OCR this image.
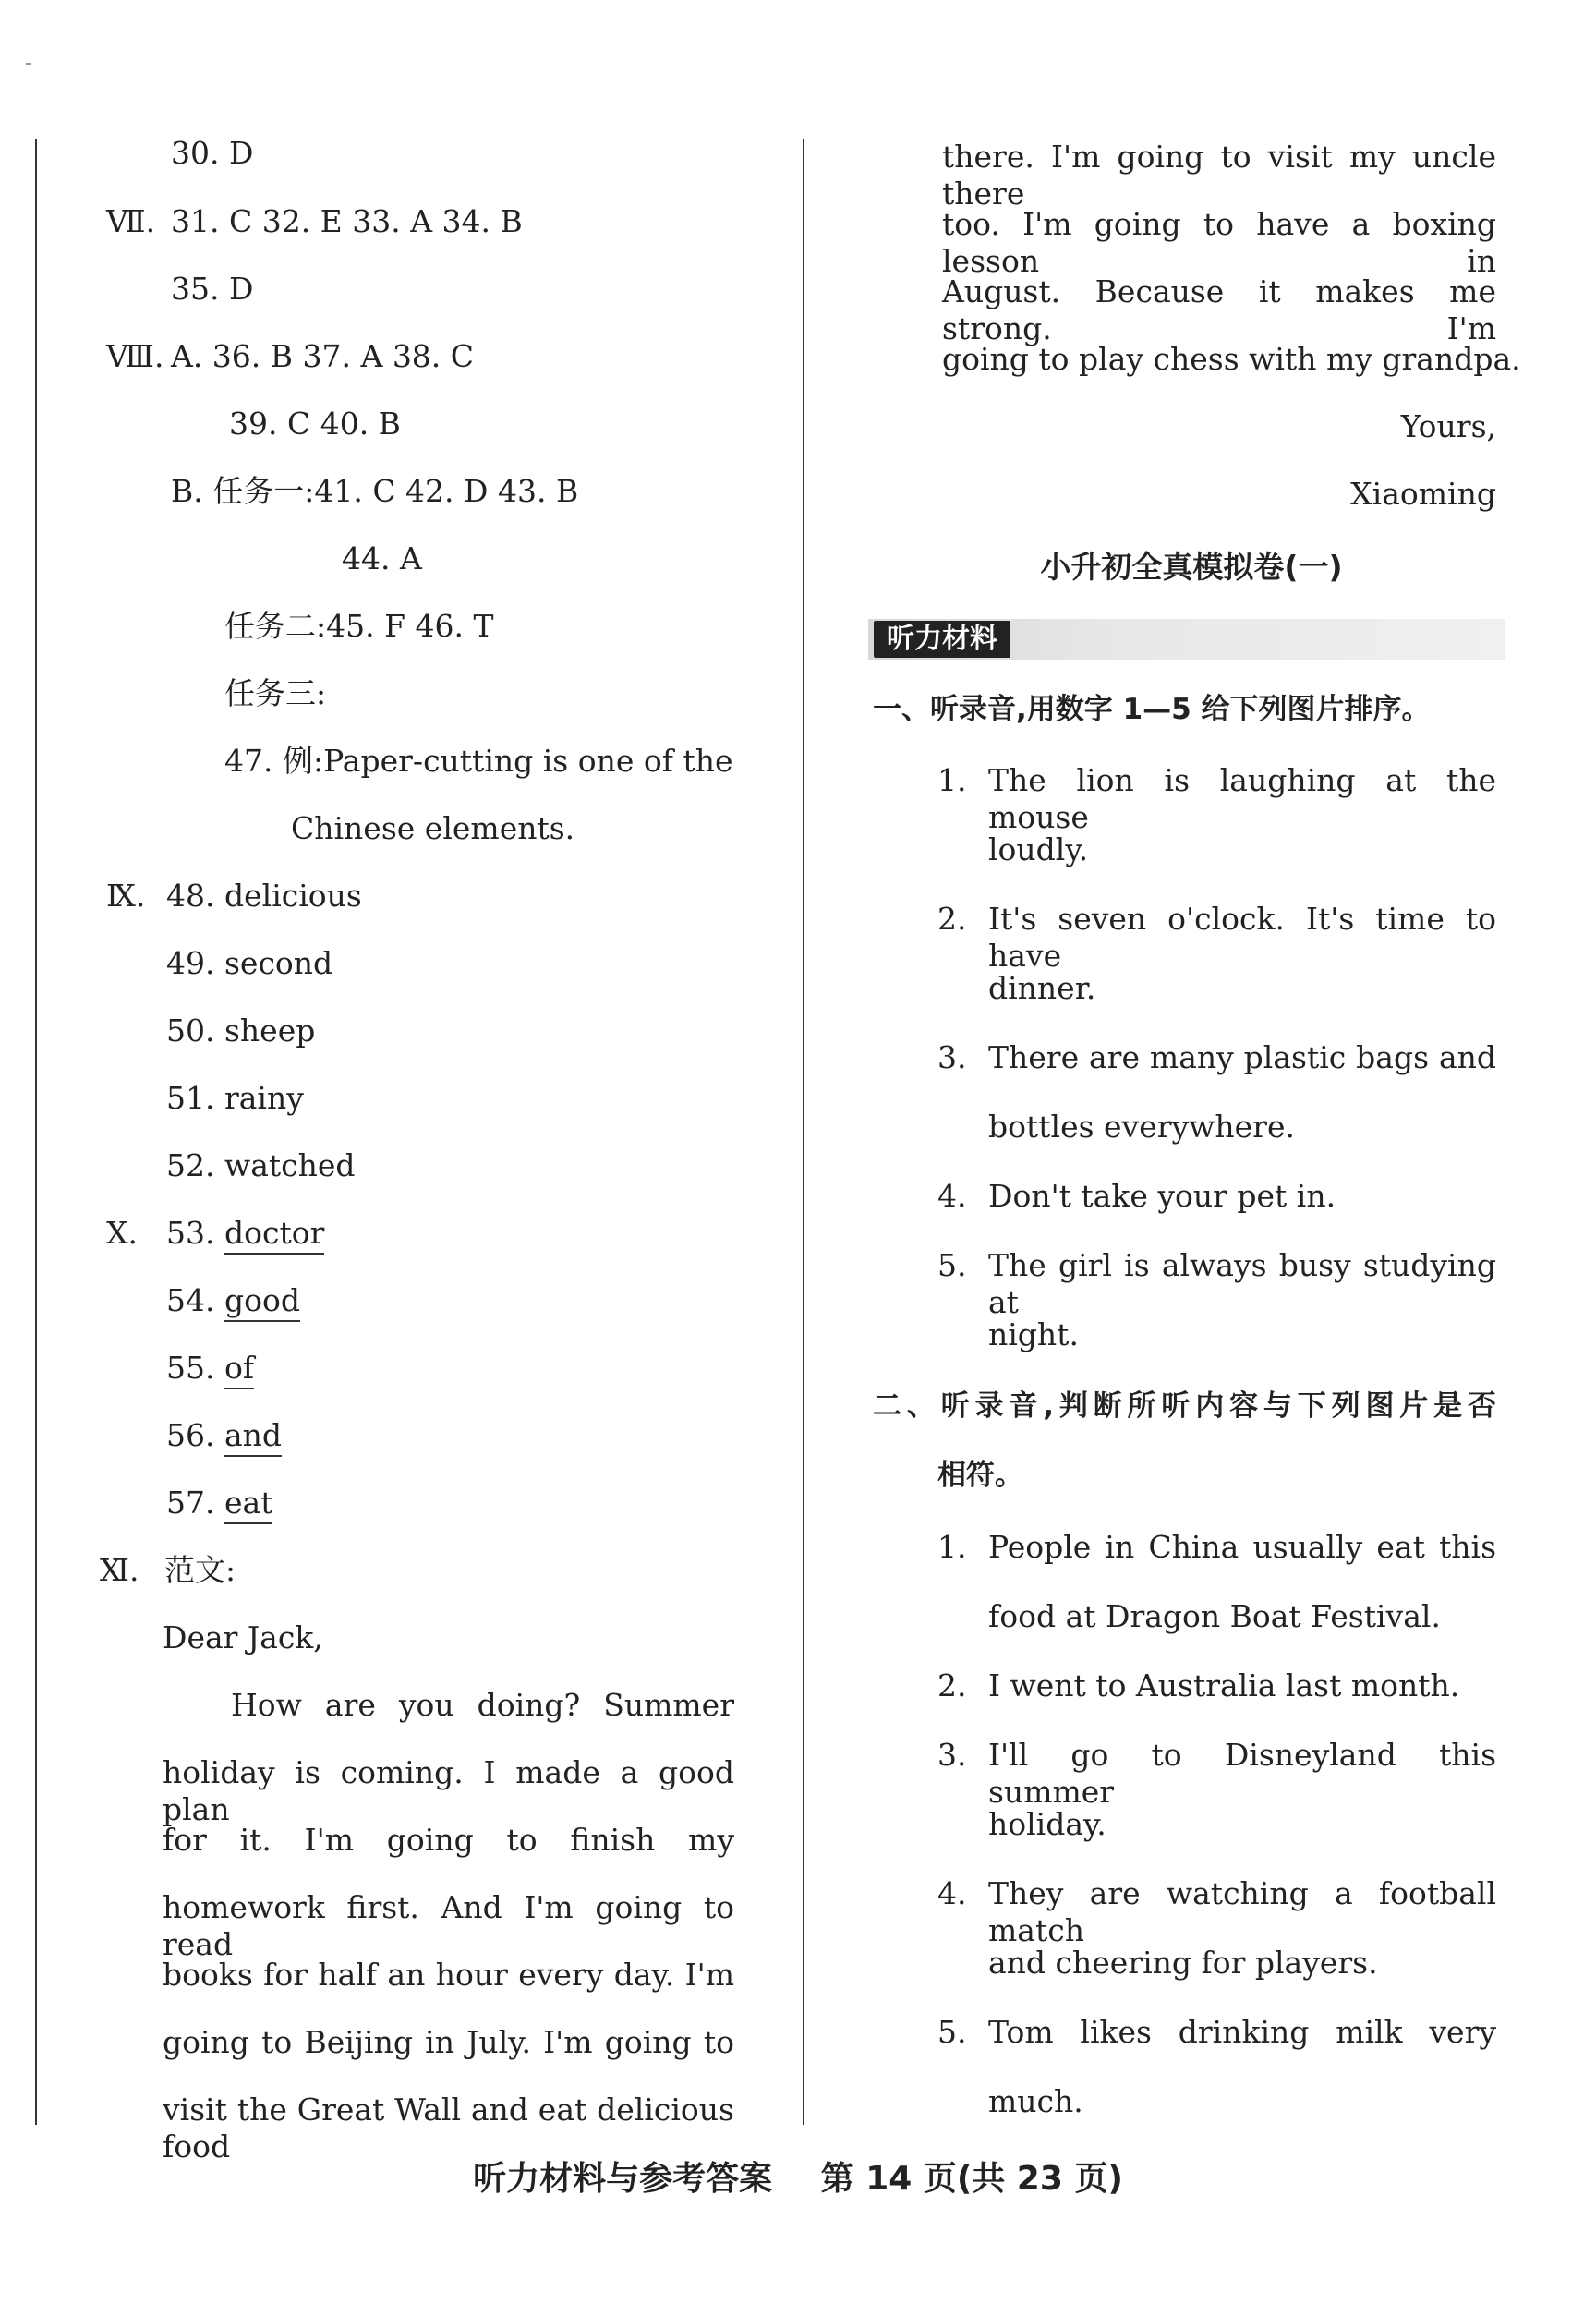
30. D
Ⅶ. 31. C 32. E 33. A 34. B
35. D
Ⅷ. A. 36. B 37. A 38. C
39. C 40. B
B. 任务一:41. C 42. D 43. B
44. A
任务二:45. F 46. T
任务三:
47. 例:Paper-cutting is one of the
Chinese elements.
Ⅸ. 48. delicious
49. second
50. sheep
51. rainy
52. watched
Ⅹ. 53. doctor
54. good
55. of
56. and
57. eat
Ⅺ. 范文:
Dear Jack,
How are you doing? Summer
holiday is coming. I made a good plan
for it. I'm going to finish my
homework first. And I'm going to read
books for half an hour every day. I'm
going to Beijing in July. I'm going to
visit the Great Wall and eat delicious food
there. I'm going to visit my uncle there
too. I'm going to have a boxing lesson in
August. Because it makes me strong. I'm
going to play chess with my grandpa.
Yours,
Xiaoming
小升初全真模拟卷(一)
听力材料
一、听录音,用数字 1—5 给下列图片排序。
1. The lion is laughing at the mouse
loudly.
2. It's seven o'clock. It's time to have
dinner.
3. There are many plastic bags and
bottles everywhere.
4. Don't take your pet in.
5. The girl is always busy studying at
night.
二、听录音,判断所听内容与下列图片是否
相符。
1. People in China usually eat this
food at Dragon Boat Festival.
2. I went to Australia last month.
3. I'll go to Disneyland this summer
holiday.
4. They are watching a football match
and cheering for players.
5. Tom likes drinking milk very
much.
听力材料与参考答案 第 14 页(共 23 页)
